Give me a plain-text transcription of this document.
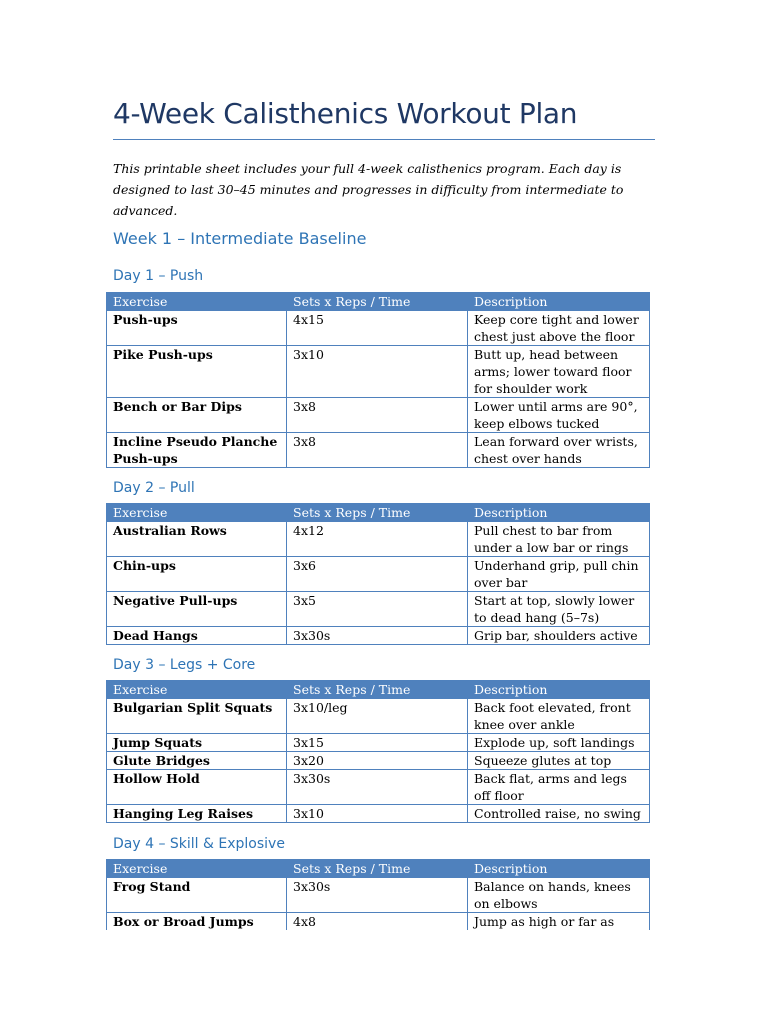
4-Week Calisthenics Workout Plan
This printable sheet includes your full 4-week calisthenics program. Each day is designed to last 30–45 minutes and progresses in difficulty from intermediate to advanced.
Week 1 – Intermediate Baseline
Day 1 – Push
Exercise	Sets x Reps / Time	Description
Push-ups	4x15	Keep core tight and lower chest just above the floor
Pike Push-ups	3x10	Butt up, head between arms; lower toward floor for shoulder work
Bench or Bar Dips	3x8	Lower until arms are 90°, keep elbows tucked
Incline Pseudo Planche Push-ups	3x8	Lean forward over wrists, chest over hands
Day 2 – Pull
Exercise	Sets x Reps / Time	Description
Australian Rows	4x12	Pull chest to bar from under a low bar or rings
Chin-ups	3x6	Underhand grip, pull chin over bar
Negative Pull-ups	3x5	Start at top, slowly lower to dead hang (5–7s)
Dead Hangs	3x30s	Grip bar, shoulders active
Day 3 – Legs + Core
Exercise	Sets x Reps / Time	Description
Bulgarian Split Squats	3x10/leg	Back foot elevated, front knee over ankle
Jump Squats	3x15	Explode up, soft landings
Glute Bridges	3x20	Squeeze glutes at top
Hollow Hold	3x30s	Back flat, arms and legs off floor
Hanging Leg Raises	3x10	Controlled raise, no swing
Day 4 – Skill & Explosive
Exercise	Sets x Reps / Time	Description
Frog Stand	3x30s	Balance on hands, knees on elbows
Box or Broad Jumps	4x8	Jump as high or far as
